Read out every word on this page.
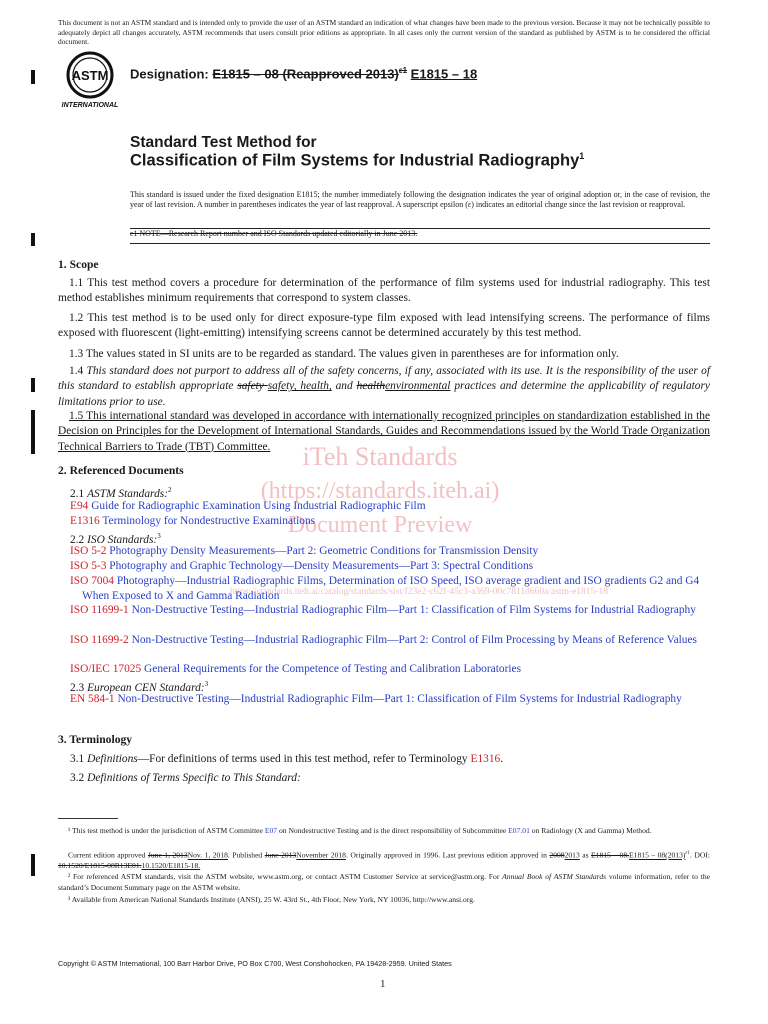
iTeh Standards
(https://standards.iteh.ai)
Document Preview
https://standards.iteh.ai/catalog/standards/sist/f23e2-c62f-45c3-a369-00c7811d660a/astm-e1815-18
This document is not an ASTM standard and is intended only to provide the user of an ASTM standard an indication of what changes have been made to the previous version. Because it may not be technically possible to adequately depict all changes accurately, ASTM recommends that users consult prior editions as appropriate. In all cases only the current version of the standard as published by ASTM is to be considered the official document.
ASTM
INTERNATIONAL
Designation: E1815 – 08 (Reapproved 2013)$^{\varepsilon 1}$ E1815 – 18
Standard Test Method for
Classification of Film Systems for Industrial Radiography$^1$
This standard is issued under the fixed designation E1815; the number immediately following the designation indicates the year of original adoption or, in the case of revision, the year of last revision. A number in parentheses indicates the year of last reapproval. A superscript epsilon (ε) indicates an editorial change since the last revision or reapproval.
ε1 NOTE—Research Report number and ISO Standards updated editorially in June 2013.
1. Scope
1.1 This test method covers a procedure for determination of the performance of film systems used for industrial radiography. This test method establishes minimum requirements that correspond to system classes.
1.2 This test method is to be used only for direct exposure-type film exposed with lead intensifying screens. The performance of films exposed with fluorescent (light-emitting) intensifying screens cannot be determined accurately by this test method.
1.3 The values stated in SI units are to be regarded as standard. The values given in parentheses are for information only.
1.4 This standard does not purport to address all of the safety concerns, if any, associated with its use. It is the responsibility of the user of this standard to establish appropriate safety safety, health, and healthenvironmental practices and determine the applicability of regulatory limitations prior to use.
1.5 This international standard was developed in accordance with internationally recognized principles on standardization established in the Decision on Principles for the Development of International Standards, Guides and Recommendations issued by the World Trade Organization Technical Barriers to Trade (TBT) Committee.
2. Referenced Documents
2.1 ASTM Standards:$^2$
E94 Guide for Radiographic Examination Using Industrial Radiographic Film
E1316 Terminology for Nondestructive Examinations
2.2 ISO Standards:$^3$
ISO 5-2 Photography Density Measurements—Part 2: Geometric Conditions for Transmission Density
ISO 5-3 Photography and Graphic Technology—Density Measurements—Part 3: Spectral Conditions
ISO 7004 Photography—Industrial Radiographic Films, Determination of ISO Speed, ISO average gradient and ISO gradients G2 and G4 When Exposed to X and Gamma Radiation
ISO 11699-1 Non-Destructive Testing—Industrial Radiographic Film—Part 1: Classification of Film Systems for Industrial Radiography
ISO 11699-2 Non-Destructive Testing—Industrial Radiographic Film—Part 2: Control of Film Processing by Means of Reference Values
ISO/IEC 17025 General Requirements for the Competence of Testing and Calibration Laboratories
2.3 European CEN Standard:$^3$
EN 584-1 Non-Destructive Testing—Industrial Radiographic Film—Part 1: Classification of Film Systems for Industrial Radiography
3. Terminology
3.1 Definitions—For definitions of terms used in this test method, refer to Terminology E1316.
3.2 Definitions of Terms Specific to This Standard:
¹ This test method is under the jurisdiction of ASTM Committee E07 on Nondestructive Testing and is the direct responsibility of Subcommittee E07.01 on Radiology (X and Gamma) Method.
Current edition approved June 1, 2013Nov. 1, 2018. Published June 2013November 2018. Originally approved in 1996. Last previous edition approved in 20082013 as $E1815 - 08.E1815 - 08(2013)^{\varepsilon 1}$. DOI: 10.1520/E1815-08R13E01.10.1520/E1815-18.
² For referenced ASTM standards, visit the ASTM website, www.astm.org, or contact ASTM Customer Service at service@astm.org. For Annual Book of ASTM Standards volume information, refer to the standard’s Document Summary page on the ASTM website.
³ Available from American National Standards Institute (ANSI), 25 W. 43rd St., 4th Floor, New York, NY 10036, http://www.ansi.org.
Copyright © ASTM International, 100 Barr Harbor Drive, PO Box C700, West Conshohocken, PA 19428-2959. United States
1
